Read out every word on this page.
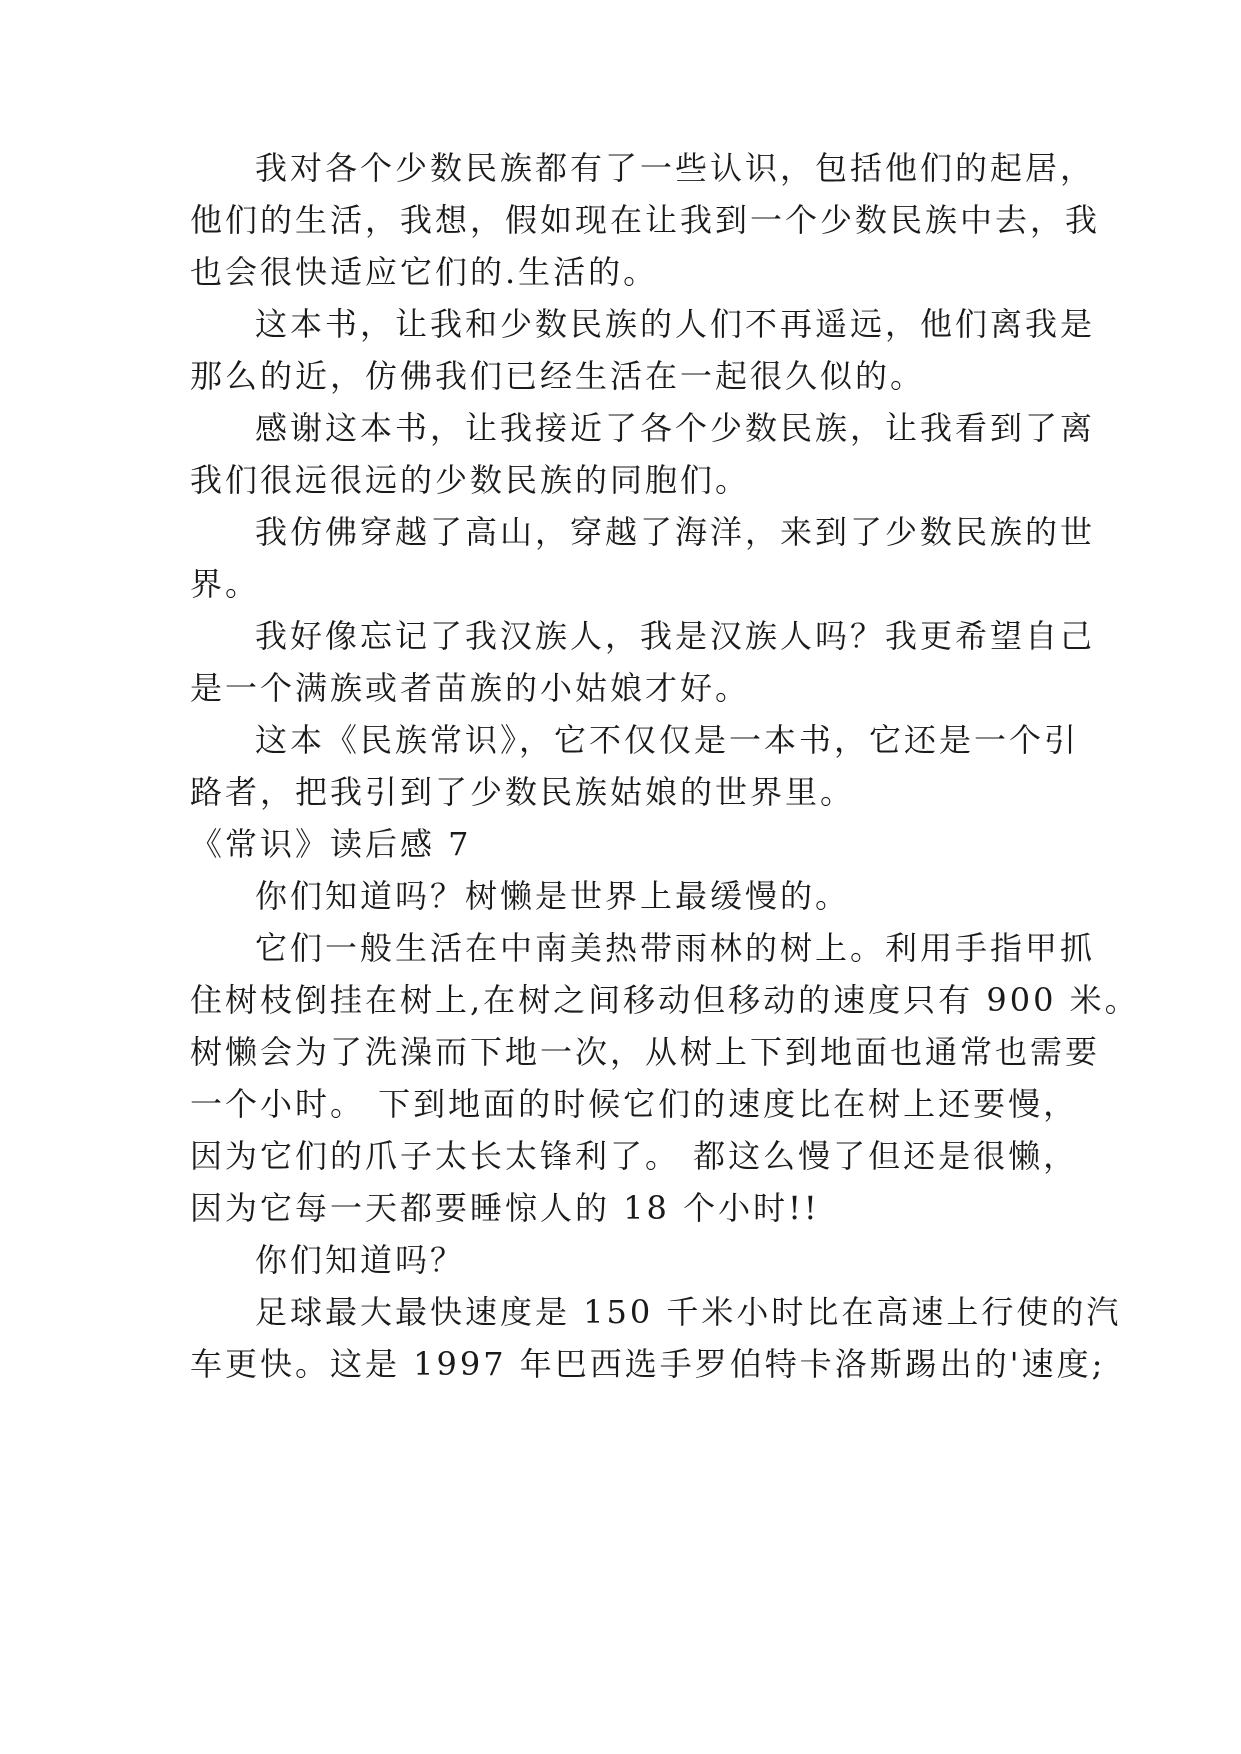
我对各个少数民族都有了一些认识，包括他们的起居，
他们的生活，我想，假如现在让我到一个少数民族中去，我
也会很快适应它们的.生活的。
这本书，让我和少数民族的人们不再遥远，他们离我是
那么的近，仿佛我们已经生活在一起很久似的。
感谢这本书，让我接近了各个少数民族，让我看到了离
我们很远很远的少数民族的同胞们。
我仿佛穿越了高山，穿越了海洋，来到了少数民族的世
界。
我好像忘记了我汉族人，我是汉族人吗？我更希望自己
是一个满族或者苗族的小姑娘才好。
这本《民族常识》，它不仅仅是一本书，它还是一个引
路者，把我引到了少数民族姑娘的世界里。
《常识》读后感 7
你们知道吗？树懒是世界上最缓慢的。
它们一般生活在中南美热带雨林的树上。利用手指甲抓
住树枝倒挂在树上,在树之间移动但移动的速度只有 900 米。
树懒会为了洗澡而下地一次，从树上下到地面也通常也需要
一个小时。 下到地面的时候它们的速度比在树上还要慢，
因为它们的爪子太长太锋利了。 都这么慢了但还是很懒，
因为它每一天都要睡惊人的 18 个小时!!
你们知道吗？
足球最大最快速度是 150 千米小时比在高速上行使的汽
车更快。这是 1997 年巴西选手罗伯特卡洛斯踢出的'速度;
